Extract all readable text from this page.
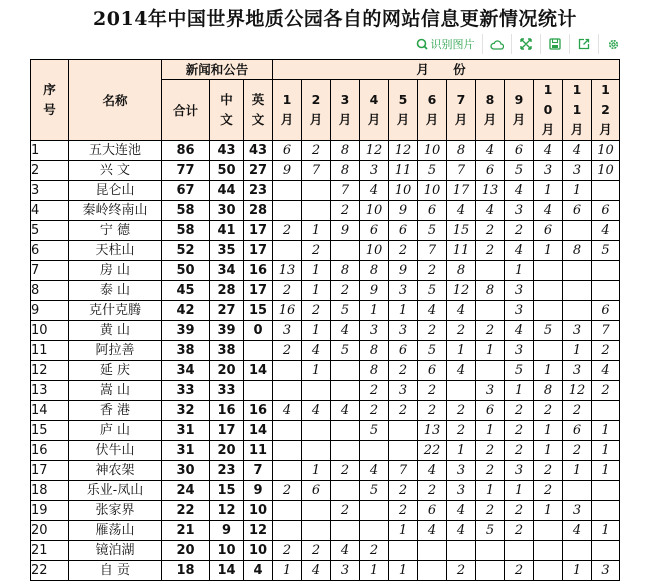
2014年中国世界地质公园各自的网站信息更新情况统计
识别图片
序号	名称	新闻和公告			月 份											
		合计	中文	英文	1月	2月	3月	4月	5月	6月	7月	8月	9月	10月	11月	12月

1	五大连池	86	43	43	6	2	8	12	12	10	8	4	6	4	4	10
2	兴 文	77	50	27	9	7	8	3	11	5	7	6	5	3	3	10
3	昆仑山	67	44	23			7	4	10	10	17	13	4	1	1	
4	秦岭终南山	58	30	28			2	10	9	6	4	4	3	4	6	6
5	宁 德	58	41	17	2	1	9	6	6	5	15	2	2	6		4
6	天柱山	52	35	17		2		10	2	7	11	2	4	1	8	5
7	房 山	50	34	16	13	1	8	8	9	2	8		1			
8	泰 山	45	28	17	2	1	2	9	3	5	12	8	3			
9	克什克腾	42	27	15	16	2	5	1	1	4	4		3			6
10	黄 山	39	39	0	3	1	4	3	3	2	2	2	4	5	3	7
11	阿拉善	38	38		2	4	5	8	6	5	1	1	3		1	2
12	延 庆	34	20	14		1		8	2	6	4		5	1	3	4
13	嵩 山	33	33					2	3	2		3	1	8	12	2
14	香 港	32	16	16	4	4	4	2	2	2	2	6	2	2	2	
15	庐 山	31	17	14				5		13	2	1	2	1	6	1
16	伏牛山	31	20	11						22	1	2	2	1	2	1
17	神农架	30	23	7		1	2	4	7	4	3	2	3	2	1	1
18	乐业-凤山	24	15	9	2	6		5	2	2	3	1	1	2		
19	张家界	22	12	10			2		2	6	4	2	2	1	3	
20	雁荡山	21	9	12					1	4	4	5	2		4	1
21	镜泊湖	20	10	10	2	2	4	2								
22	自 贡	18	14	4	1	4	3	1	1		2		2		1	3
